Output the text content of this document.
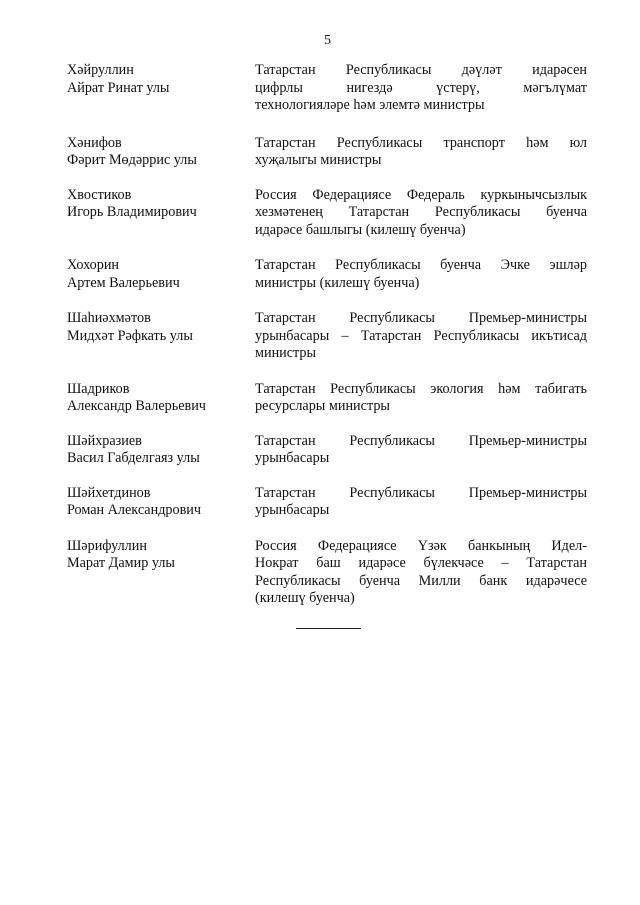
5
Хәйруллин
Айрат Ринат улы
Татарстан Республикасы дәүләт идарәсен
цифрлы нигездә үстерү, мәгълүмат
технологияләре һәм элемтә министры
Хәнифов
Фәрит Мөдәррис улы
Татарстан Республикасы транспорт һәм юл
хуҗалыгы министры
Хвостиков
Игорь Владимирович
Россия Федерациясе Федераль куркынычсызлык
хезмәтенең Татарстан Республикасы буенча
идарәсе башлыгы (килешү буенча)
Хохорин
Артем Валерьевич
Татарстан Республикасы буенча Эчке эшләр
министры (килешү буенча)
Шаһиәхмәтов
Мидхәт Рәфкать улы
Татарстан Республикасы Премьер-министры
урынбасары – Татарстан Республикасы икътисад
министры
Шадриков
Александр Валерьевич
Татарстан Республикасы экология һәм табигать
ресурслары министры
Шәйхразиев
Васил Габделгаяз улы
Татарстан Республикасы Премьер-министры
урынбасары
Шәйхетдинов
Роман Александрович
Татарстан Республикасы Премьер-министры
урынбасары
Шәрифуллин
Марат Дамир улы
Россия Федерациясе Үзәк банкының Идел-
Нократ баш идарәсе бүлекчәсе – Татарстан
Республикасы буенча Милли банк идарәчесе
(килешү буенча)
